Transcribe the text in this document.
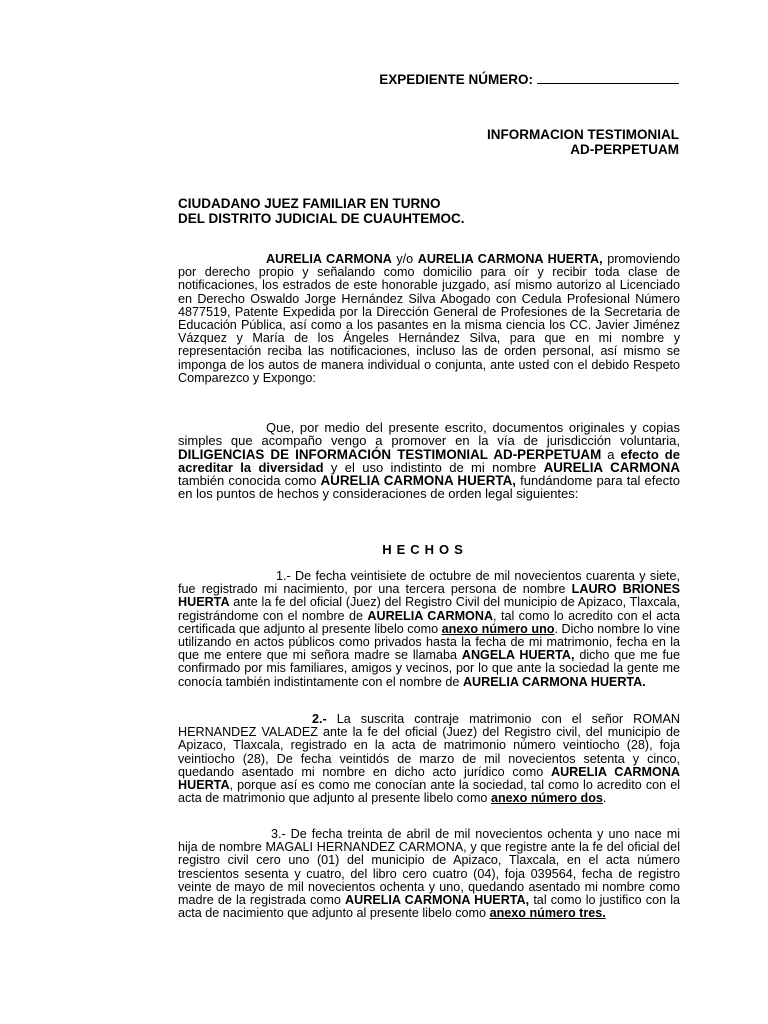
EXPEDIENTE NÚMERO:
INFORMACION TESTIMONIAL
AD-PERPETUAM
CIUDADANO JUEZ FAMILIAR EN TURNO
DEL DISTRITO JUDICIAL DE CUAUHTEMOC.
AURELIA CARMONA y/o AURELIA CARMONA HUERTA, promoviendo por derecho propio y señalando como domicilio para oír y recibir toda clase de notificaciones, los estrados de este honorable juzgado, así mismo autorizo al Licenciado en Derecho Oswaldo Jorge Hernández Silva Abogado con Cedula Profesional Número 4877519, Patente Expedida por la Dirección General de Profesiones de la Secretaria de Educación Pública, así como a los pasantes en la misma ciencia los CC. Javier Jiménez Vázquez y María de los Ángeles Hernández Silva, para que en mi nombre y representación reciba las notificaciones, incluso las de orden personal, así mismo se imponga de los autos de manera individual o conjunta, ante usted con el debido Respeto Comparezco y Expongo:
Que, por medio del presente escrito, documentos originales y copias simples que acompaño vengo a promover en la vía de jurisdicción voluntaria, DILIGENCIAS DE INFORMACIÓN TESTIMONIAL AD-PERPETUAM a efecto de acreditar la diversidad y el uso indistinto de mi nombre AURELIA CARMONA también conocida como AURELIA CARMONA HUERTA, fundándome para tal efecto en los puntos de hechos y consideraciones de orden legal siguientes:
HECHOS
1.- De fecha veintisiete de octubre de mil novecientos cuarenta y siete, fue registrado mi nacimiento, por una tercera persona de nombre LAURO BRIONES HUERTA ante la fe del oficial (Juez) del Registro Civil del municipio de Apizaco, Tlaxcala, registrándome con el nombre de AURELIA CARMONA, tal como lo acredito con el acta certificada que adjunto al presente libelo como anexo número uno. Dicho nombre lo vine utilizando en actos públicos como privados hasta la fecha de mi matrimonio, fecha en la que me entere que mi señora madre se llamaba ANGELA HUERTA, dicho que me fue confirmado por mis familiares, amigos y vecinos, por lo que ante la sociedad la gente me conocía también indistintamente con el nombre de AURELIA CARMONA HUERTA.
2.- La suscrita contraje matrimonio con el señor ROMAN HERNANDEZ VALADEZ ante la fe del oficial (Juez) del Registro civil, del municipio de Apizaco, Tlaxcala, registrado en la acta de matrimonio número veintiocho (28), foja veintiocho (28), De fecha veintidós de marzo de mil novecientos setenta y cinco, quedando asentado mi nombre en dicho acto jurídico como AURELIA CARMONA HUERTA, porque así es como me conocían ante la sociedad, tal como lo acredito con el acta de matrimonio que adjunto al presente libelo como anexo número dos.
3.- De fecha treinta de abril de mil novecientos ochenta y uno nace mi hija de nombre MAGALI HERNANDEZ CARMONA, y que registre ante la fe del oficial del registro civil cero uno (01) del municipio de Apizaco, Tlaxcala, en el acta número trescientos sesenta y cuatro, del libro cero cuatro (04), foja 039564, fecha de registro veinte de mayo de mil novecientos ochenta y uno, quedando asentado mi nombre como madre de la registrada como AURELIA CARMONA HUERTA, tal como lo justifico con la acta de nacimiento que adjunto al presente libelo como anexo número tres.
